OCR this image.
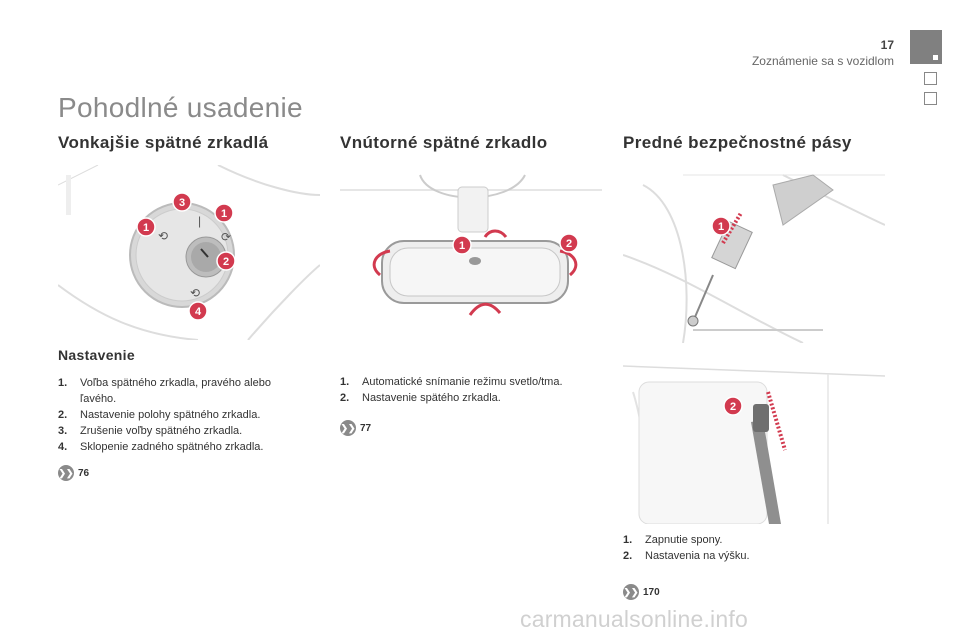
17
Zoznámenie sa s vozidlom
Pohodlné usadenie
Vonkajšie spätné zrkadlá	Vnútorné spätné zrkadlo	Predné bezpečnostné pásy
⟲
|
⟳
⟲
1
3
1
2
4
1	2
1
2
Nastavenie
1.	Voľba spätného zrkadla, pravého alebo
ľavého.
2.	Nastavenie polohy spätného zrkadla.
3.	Zrušenie voľby spätného zrkadla.
4.	Sklopenie zadného spätného zrkadla.
❯❯ 76
1.	Automatické snímanie režimu svetlo/tma.
2.	Nastavenie spätého zrkadla.
❯❯ 77
1.	Zapnutie spony.
2.	Nastavenia na výšku.
❯❯ 170
carmanualsonline.info
